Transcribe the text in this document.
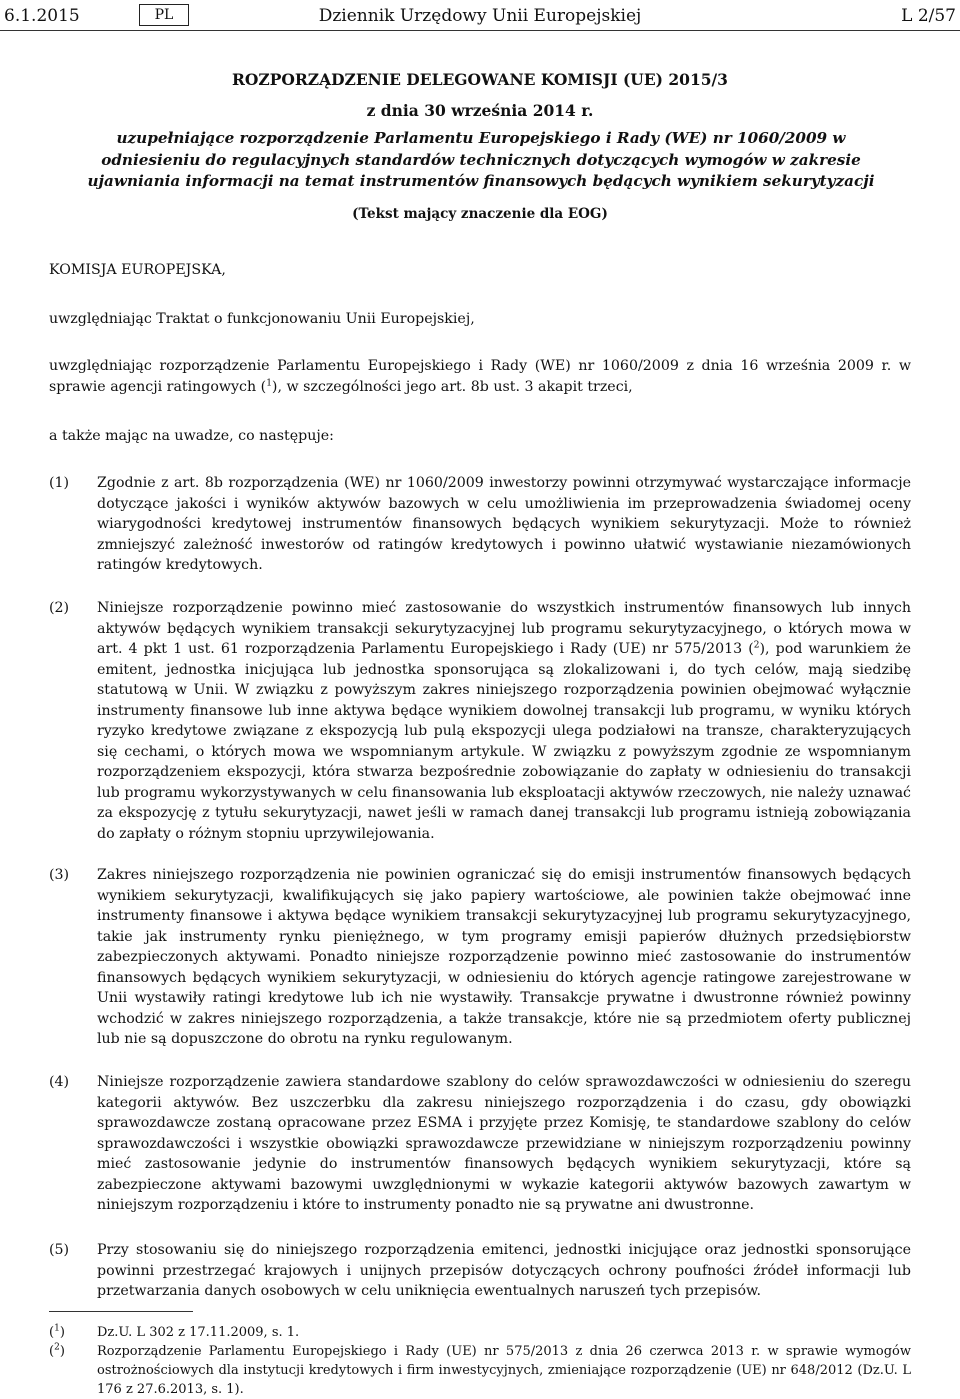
6.1.2015	PL	Dziennik Urzędowy Unii Europejskiej	L 2/57
ROZPORZĄDZENIE DELEGOWANE KOMISJI (UE) 2015/3
z dnia 30 września 2014 r.
uzupełniające rozporządzenie Parlamentu Europejskiego i Rady (WE) nr 1060/2009 w odniesieniu do regulacyjnych standardów technicznych dotyczących wymogów w zakresie ujawniania informacji na temat instrumentów finansowych będących wynikiem sekurytyzacji
(Tekst mający znaczenie dla EOG)
KOMISJA EUROPEJSKA,
uwzględniając Traktat o funkcjonowaniu Unii Europejskiej,
uwzględniając rozporządzenie Parlamentu Europejskiego i Rady (WE) nr 1060/2009 z dnia 16 września 2009 r. w sprawie agencji ratingowych ($^1$), w szczególności jego art. 8b ust. 3 akapit trzeci,
a także mając na uwadze, co następuje:
(1) Zgodnie z art. 8b rozporządzenia (WE) nr 1060/2009 inwestorzy powinni otrzymywać wystarczające informacje dotyczące jakości i wyników aktywów bazowych w celu umożliwienia im przeprowadzenia świadomej oceny wiarygodności kredytowej instrumentów finansowych będących wynikiem sekurytyzacji. Może to również zmniejszyć zależność inwestorów od ratingów kredytowych i powinno ułatwić wystawianie niezamówionych ratingów kredytowych.
(2) Niniejsze rozporządzenie powinno mieć zastosowanie do wszystkich instrumentów finansowych lub innych aktywów będących wynikiem transakcji sekurytyzacyjnej lub programu sekurytyzacyjnego, o których mowa w art. 4 pkt 1 ust. 61 rozporządzenia Parlamentu Europejskiego i Rady (UE) nr 575/2013 ($^2$), pod warunkiem że emitent, jednostka inicjująca lub jednostka sponsorująca są zlokalizowani i, do tych celów, mają siedzibę statutową w Unii. W związku z powyższym zakres niniejszego rozporządzenia powinien obejmować wyłącznie instrumenty finansowe lub inne aktywa będące wynikiem dowolnej transakcji lub programu, w wyniku których ryzyko kredytowe związane z ekspozycją lub pulą ekspozycji ulega podziałowi na transze, charakteryzujących się cechami, o których mowa we wspomnianym artykule. W związku z powyższym zgodnie ze wspomnianym rozporządzeniem ekspozycji, która stwarza bezpośrednie zobowiązanie do zapłaty w odniesieniu do transakcji lub programu wykorzystywanych w celu finansowania lub eksploatacji aktywów rzeczowych, nie należy uznawać za ekspozycję z tytułu sekurytyzacji, nawet jeśli w ramach danej transakcji lub programu istnieją zobowiązania do zapłaty o różnym stopniu uprzywilejowania.
(3) Zakres niniejszego rozporządzenia nie powinien ograniczać się do emisji instrumentów finansowych będących wynikiem sekurytyzacji, kwalifikujących się jako papiery wartościowe, ale powinien także obejmować inne instrumenty finansowe i aktywa będące wynikiem transakcji sekurytyzacyjnej lub programu sekurytyzacyjnego, takie jak instrumenty rynku pieniężnego, w tym programy emisji papierów dłużnych przedsiębiorstw zabezpieczonych aktywami. Ponadto niniejsze rozporządzenie powinno mieć zastosowanie do instrumentów finansowych będących wynikiem sekurytyzacji, w odniesieniu do których agencje ratingowe zarejestrowane w Unii wystawiły ratingi kredytowe lub ich nie wystawiły. Transakcje prywatne i dwustronne również powinny wchodzić w zakres niniejszego rozporządzenia, a także transakcje, które nie są przedmiotem oferty publicznej lub nie są dopuszczone do obrotu na rynku regulowanym.
(4) Niniejsze rozporządzenie zawiera standardowe szablony do celów sprawozdawczości w odniesieniu do szeregu kategorii aktywów. Bez uszczerbku dla zakresu niniejszego rozporządzenia i do czasu, gdy obowiązki sprawozdawcze zostaną opracowane przez ESMA i przyjęte przez Komisję, te standardowe szablony do celów sprawozdawczości i wszystkie obowiązki sprawozdawcze przewidziane w niniejszym rozporządzeniu powinny mieć zastosowanie jedynie do instrumentów finansowych będących wynikiem sekurytyzacji, które są zabezpieczone aktywami bazowymi uwzględnionymi w wykazie kategorii aktywów bazowych zawartym w niniejszym rozporządzeniu i które to instrumenty ponadto nie są prywatne ani dwustronne.
(5) Przy stosowaniu się do niniejszego rozporządzenia emitenci, jednostki inicjujące oraz jednostki sponsorujące powinni przestrzegać krajowych i unijnych przepisów dotyczących ochrony poufności źródeł informacji lub przetwarzania danych osobowych w celu uniknięcia ewentualnych naruszeń tych przepisów.
($^1$) Dz.U. L 302 z 17.11.2009, s. 1.
($^2$) Rozporządzenie Parlamentu Europejskiego i Rady (UE) nr 575/2013 z dnia 26 czerwca 2013 r. w sprawie wymogów ostrożnościowych dla instytucji kredytowych i firm inwestycyjnych, zmieniające rozporządzenie (UE) nr 648/2012 (Dz.U. L 176 z 27.6.2013, s. 1).
